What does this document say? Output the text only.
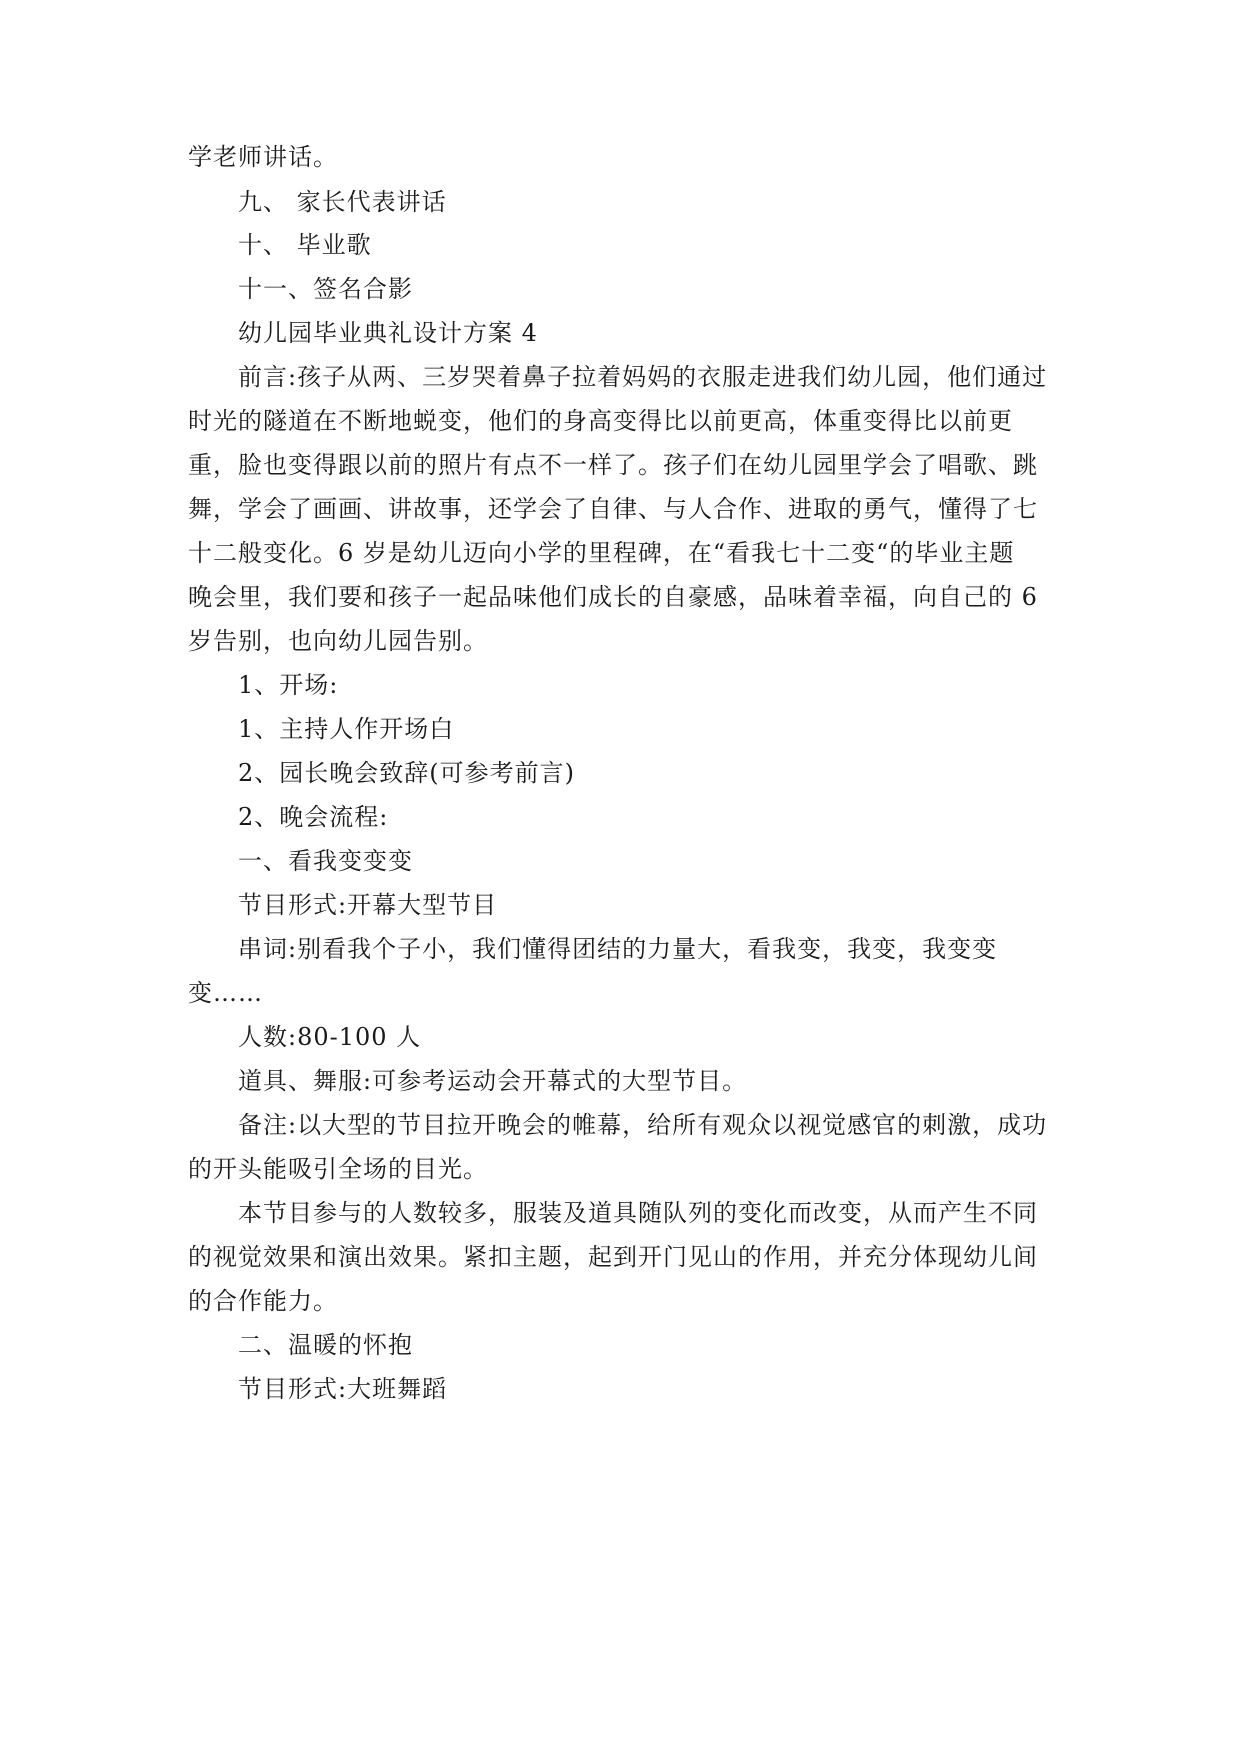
学老师讲话。
九、 家长代表讲话
十、 毕业歌
十一、签名合影
幼儿园毕业典礼设计方案 4
前言:孩子从两、三岁哭着鼻子拉着妈妈的衣服走进我们幼儿园，他们通过
时光的隧道在不断地蜕变，他们的身高变得比以前更高，体重变得比以前更
重，脸也变得跟以前的照片有点不一样了。孩子们在幼儿园里学会了唱歌、跳
舞，学会了画画、讲故事，还学会了自律、与人合作、进取的勇气，懂得了七
十二般变化。6 岁是幼儿迈向小学的里程碑，在“看我七十二变“的毕业主题
晚会里，我们要和孩子一起品味他们成长的自豪感，品味着幸福，向自己的 6
岁告别，也向幼儿园告别。
1、开场:
1、主持人作开场白
2、园长晚会致辞(可参考前言)
2、晚会流程:
一、看我变变变
节目形式:开幕大型节目
串词:别看我个子小，我们懂得团结的力量大，看我变，我变，我变变
变……
人数:80-100 人
道具、舞服:可参考运动会开幕式的大型节目。
备注:以大型的节目拉开晚会的帷幕，给所有观众以视觉感官的刺激，成功
的开头能吸引全场的目光。
本节目参与的人数较多，服装及道具随队列的变化而改变，从而产生不同
的视觉效果和演出效果。紧扣主题，起到开门见山的作用，并充分体现幼儿间
的合作能力。
二、温暖的怀抱
节目形式:大班舞蹈
